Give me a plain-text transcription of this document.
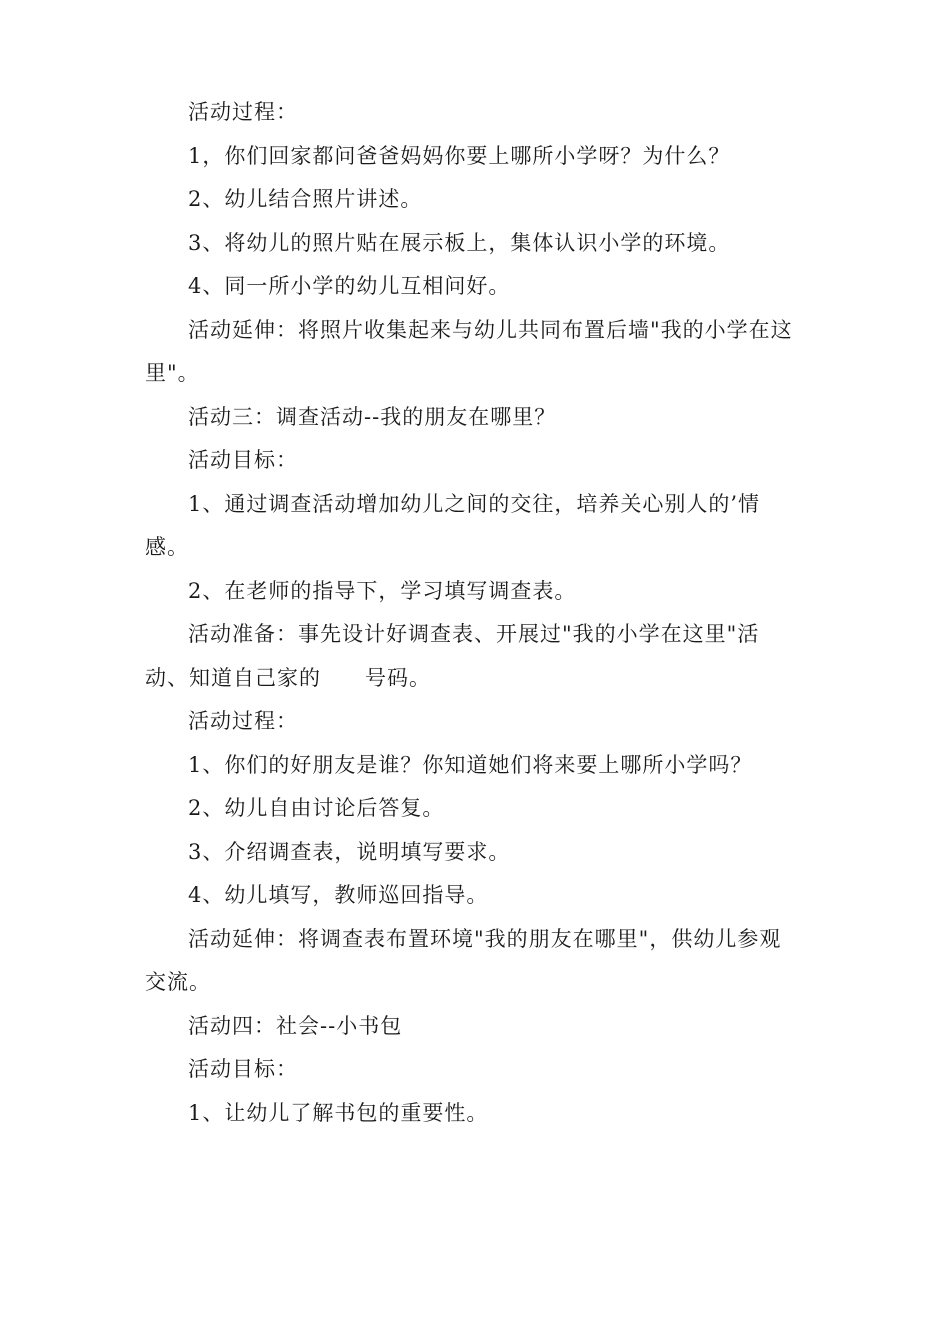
活动过程：
1，你们回家都问爸爸妈妈你要上哪所小学呀？为什么？
2、幼儿结合照片讲述。
3、将幼儿的照片贴在展示板上，集体认识小学的环境。
4、同一所小学的幼儿互相问好。
活动延伸：将照片收集起来与幼儿共同布置后墙"我的小学在这
里"。
活动三：调查活动--我的朋友在哪里？
活动目标：
1、通过调查活动增加幼儿之间的交往，培养关心别人的’情
感。
2、在老师的指导下，学习填写调查表。
活动准备：事先设计好调查表、开展过"我的小学在这里"活
动、知道自己家的　　号码。
活动过程：
1、你们的好朋友是谁？你知道她们将来要上哪所小学吗？
2、幼儿自由讨论后答复。
3、介绍调查表，说明填写要求。
4、幼儿填写，教师巡回指导。
活动延伸：将调查表布置环境"我的朋友在哪里"，供幼儿参观
交流。
活动四：社会--小书包
活动目标：
1、让幼儿了解书包的重要性。
